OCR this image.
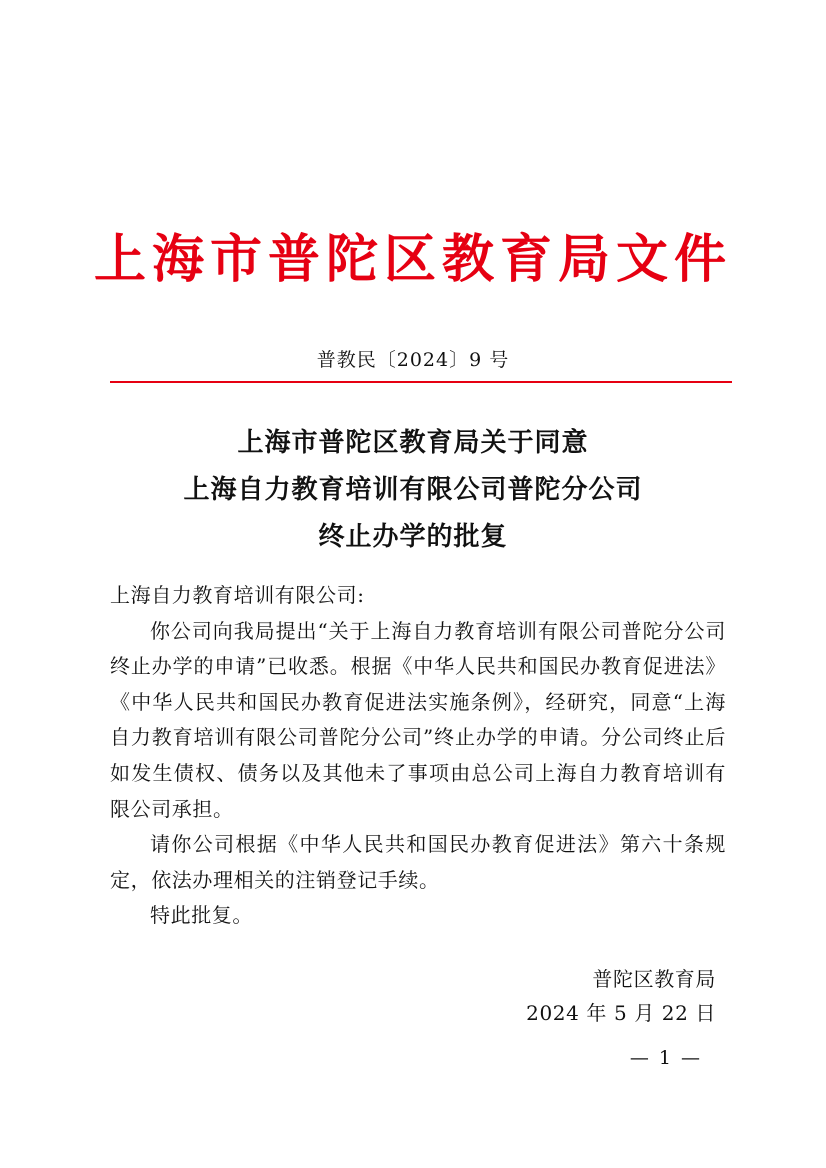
上海市普陀区教育局文件
普教民〔2024〕9 号
上海市普陀区教育局关于同意
上海自力教育培训有限公司普陀分公司
终止办学的批复

上海自力教育培训有限公司:

你公司向我局提出“关于上海自力教育培训有限公司普陀分公司终止办学的申请”已收悉。根据《中华人民共和国民办教育促进法》《中华人民共和国民办教育促进法实施条例》，经研究，同意“上海自力教育培训有限公司普陀分公司”终止办学的申请。分公司终止后如发生债权、债务以及其他未了事项由总公司上海自力教育培训有限公司承担。

请你公司根据《中华人民共和国民办教育促进法》第六十条规定，依法办理相关的注销登记手续。

特此批复。

普陀区教育局
2024 年 5 月 22 日
— 1 —
